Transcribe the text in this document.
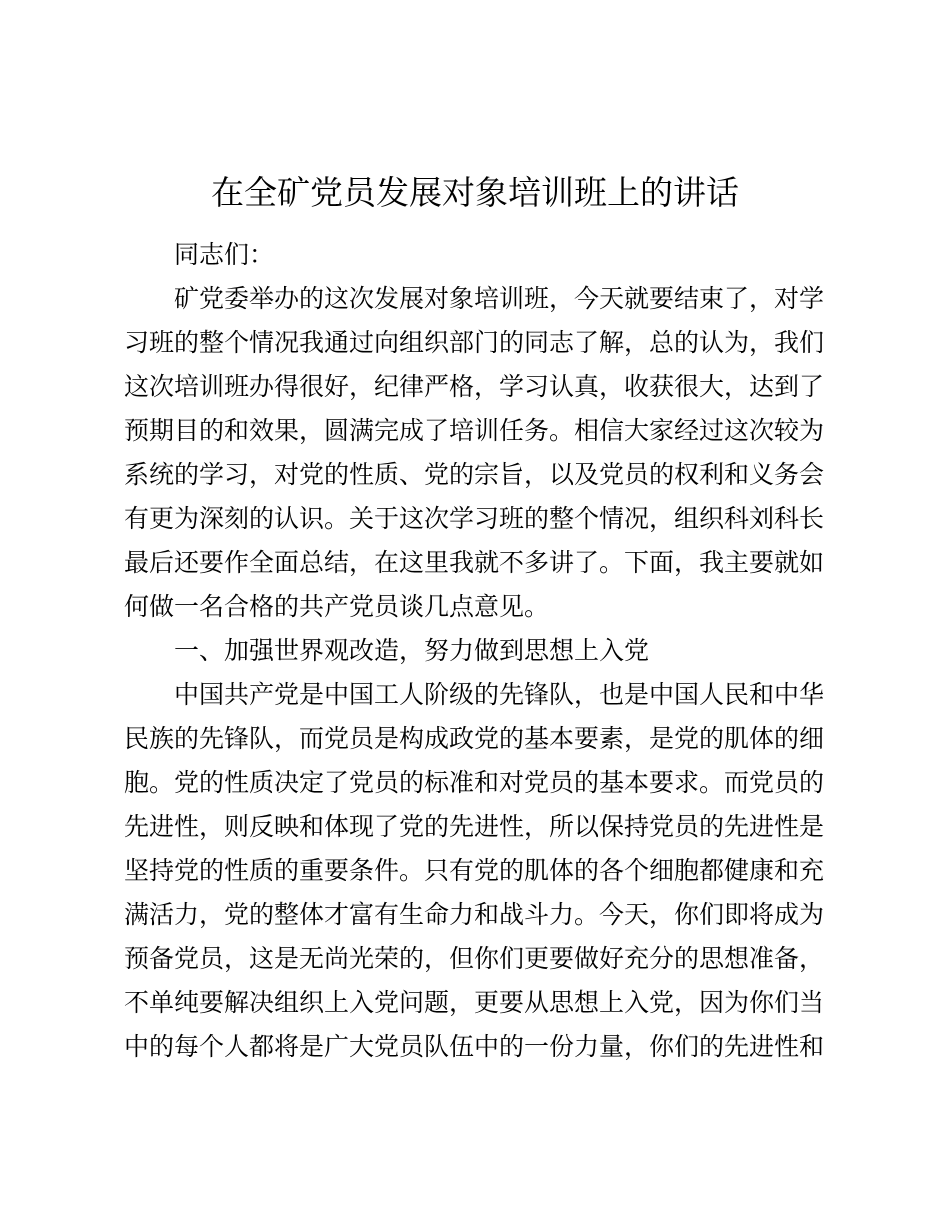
在全矿党员发展对象培训班上的讲话
同志们：
矿党委举办的这次发展对象培训班，今天就要结束了，对学
习班的整个情况我通过向组织部门的同志了解，总的认为，我们
这次培训班办得很好，纪律严格，学习认真，收获很大，达到了
预期目的和效果，圆满完成了培训任务。相信大家经过这次较为
系统的学习，对党的性质、党的宗旨，以及党员的权利和义务会
有更为深刻的认识。关于这次学习班的整个情况，组织科刘科长
最后还要作全面总结，在这里我就不多讲了。下面，我主要就如
何做一名合格的共产党员谈几点意见。
一、加强世界观改造，努力做到思想上入党
中国共产党是中国工人阶级的先锋队，也是中国人民和中华
民族的先锋队，而党员是构成政党的基本要素，是党的肌体的细
胞。党的性质决定了党员的标准和对党员的基本要求。而党员的
先进性，则反映和体现了党的先进性，所以保持党员的先进性是
坚持党的性质的重要条件。只有党的肌体的各个细胞都健康和充
满活力，党的整体才富有生命力和战斗力。今天，你们即将成为
预备党员，这是无尚光荣的，但你们更要做好充分的思想准备，
不单纯要解决组织上入党问题，更要从思想上入党，因为你们当
中的每个人都将是广大党员队伍中的一份力量，你们的先进性和
